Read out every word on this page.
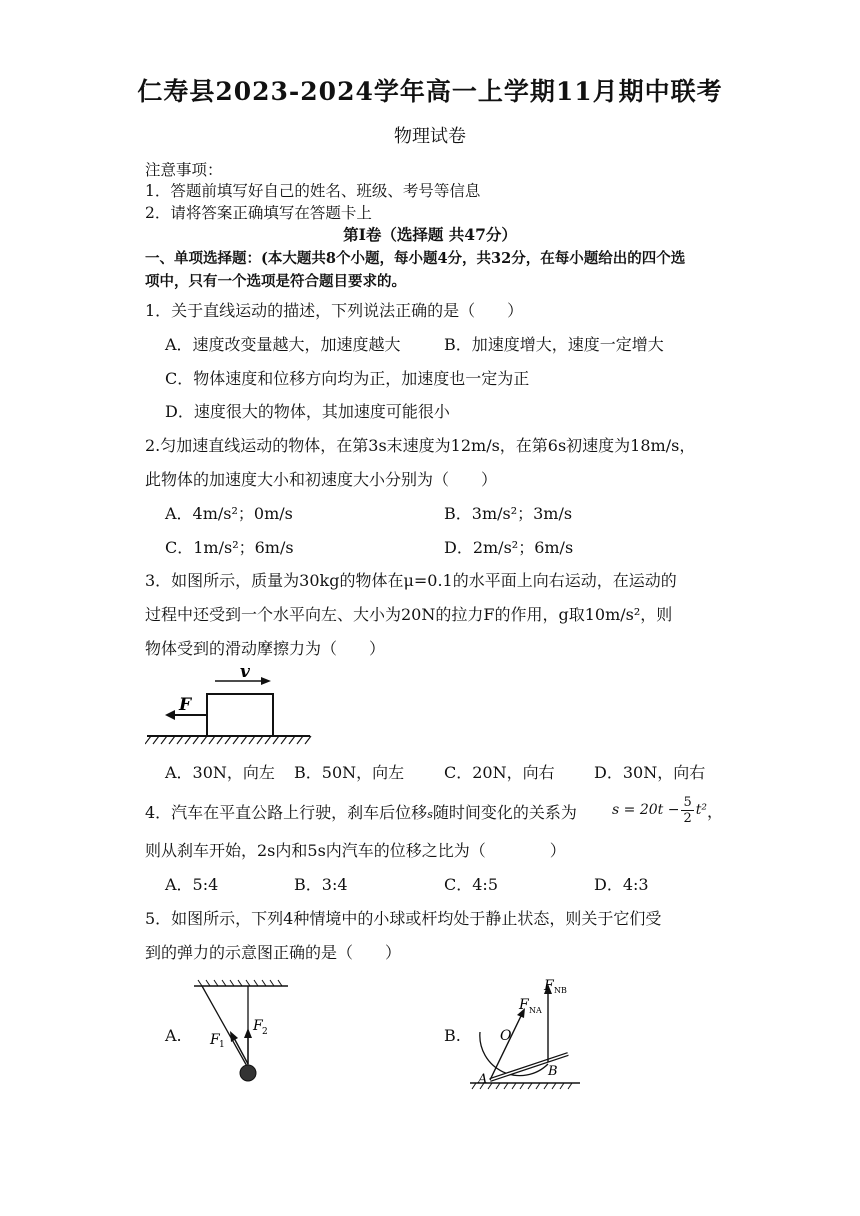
仁寿县2023-2024学年高一上学期11月期中联考
物理试卷
注意事项：
1．答题前填写好自己的姓名、班级、考号等信息
2．请将答案正确填写在答题卡上
第I卷（选择题 共47分）
一、单项选择题：(本大题共8个小题，每小题4分，共32分，在每小题给出的四个选
项中，只有一个选项是符合题目要求的。
1．关于直线运动的描述，下列说法正确的是（　　）
A．速度改变量越大，加速度越大	B．加速度增大，速度一定增大
C．物体速度和位移方向均为正，加速度也一定为正
D．速度很大的物体，其加速度可能很小
2.匀加速直线运动的物体，在第3s末速度为12m/s，在第6s初速度为18m/s，
此物体的加速度大小和初速度大小分别为（　　）
A．4m/s²；0m/s	B．3m/s²；3m/s
C．1m/s²；6m/s	D．2m/s²；6m/s
3．如图所示，质量为30kg的物体在μ=0.1的水平面上向右运动，在运动的
过程中还受到一个水平向左、大小为20N的拉力F的作用，g取10m/s²，则
物体受到的滑动摩擦力为（　　）
v
F
A．30N，向左 B．50N，向左 C．20N，向右 D．30N，向右
4．汽车在平直公路上行驶，刹车后位移s随时间变化的关系为	$s = 20t - \frac{5}{2} t^2$ ，
则从刹车开始，2s内和5s内汽车的位移之比为（　　　　）
A．5:4	B．3:4	C．4:5	D．4:3
5．如图所示，下列4种情境中的小球或杆均处于静止状态，则关于它们受
到的弹力的示意图正确的是（　　）
A.	B.
F 1
F 2
F NB
F NA
O
A
B
